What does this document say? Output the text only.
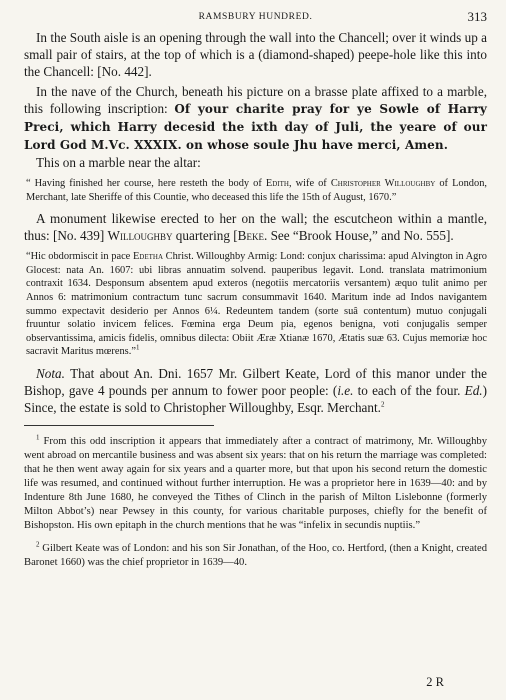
RAMSBURY HUNDRED.	313

In the South aisle is an opening through the wall into the Chancell; over it winds up a small pair of stairs, at the top of which is a (diamond-shaped) peepe-hole like this into the Chancell: [No. 442].

In the nave of the Church, beneath his picture on a brasse plate affixed to a marble, this following inscription: Of your charite pray for ye Sowle of Harry Preci, which Harry decesid the ixth day of Juli, the yeare of our Lord God M.Vc. XXXIX. on whose soule Jhu have merci, Amen.

This on a marble near the altar:

“ Having finished her course, here resteth the body of Edith, wife of Christopher Willoughby of London, Merchant, late Sheriffe of this Countie, who deceased this life the 15th of August, 1670.”

A monument likewise erected to her on the wall; the escutcheon within a mantle, thus: [No. 439] Willoughby quartering [Beke. See “Brook House,” and No. 555].

“Hic obdormiscit in pace Edetha Christ. Willoughby Armig: Lond: conjux charissima: apud Alvington in Agro Glocest: nata An. 1607: ubi libras annuatim solvend. pauperibus legavit. Lond. translata matrimonium contraxit 1634. Desponsum absentem apud exteros (negotiis mercatoriis versantem) æquo tulit animo per Annos 6: matrimonium contractum tunc sacrum consummavit 1640. Maritum inde ad Indos navigantem summo expectavit desiderio per Annos 6¼. Redeuntem tandem (sorte suâ contentum) mutuo conjugali fruuntur solatio invicem felices. Fœmina erga Deum pia, egenos benigna, voti conjugalis semper observantissima, amicis fidelis, omnibus dilecta: Obiit Æræ Xtianæ 1670, Ætatis suæ 63. Cujus memoriæ hoc sacravit Maritus mœrens.”$^1$

Nota. That about An. Dni. 1657 Mr. Gilbert Keate, Lord of this manor under the Bishop, gave 4 pounds per annum to fower poor people: (i.e. to each of the four. Ed.) Since, the estate is sold to Christopher Willoughby, Esqr. Merchant.$^2$

$^1$ From this odd inscription it appears that immediately after a contract of matrimony, Mr. Willoughby went abroad on mercantile business and was absent six years: that on his return the marriage was completed: that he then went away again for six years and a quarter more, but that upon his second return the domestic life was resumed, and continued without further interruption. He was a proprietor here in 1639—40: and by Indenture 8th June 1680, he conveyed the Tithes of Clinch in the parish of Milton Lislebonne (formerly Milton Abbot’s) near Pewsey in this county, for various charitable purposes, chiefly for the benefit of Bishopston. His own epitaph in the church mentions that he was “infelix in secundis nuptiis.”

$^2$ Gilbert Keate was of London: and his son Sir Jonathan, of the Hoo, co. Hertford, (then a Knight, created Baronet 1660) was the chief proprietor in 1639—40.

2 R
